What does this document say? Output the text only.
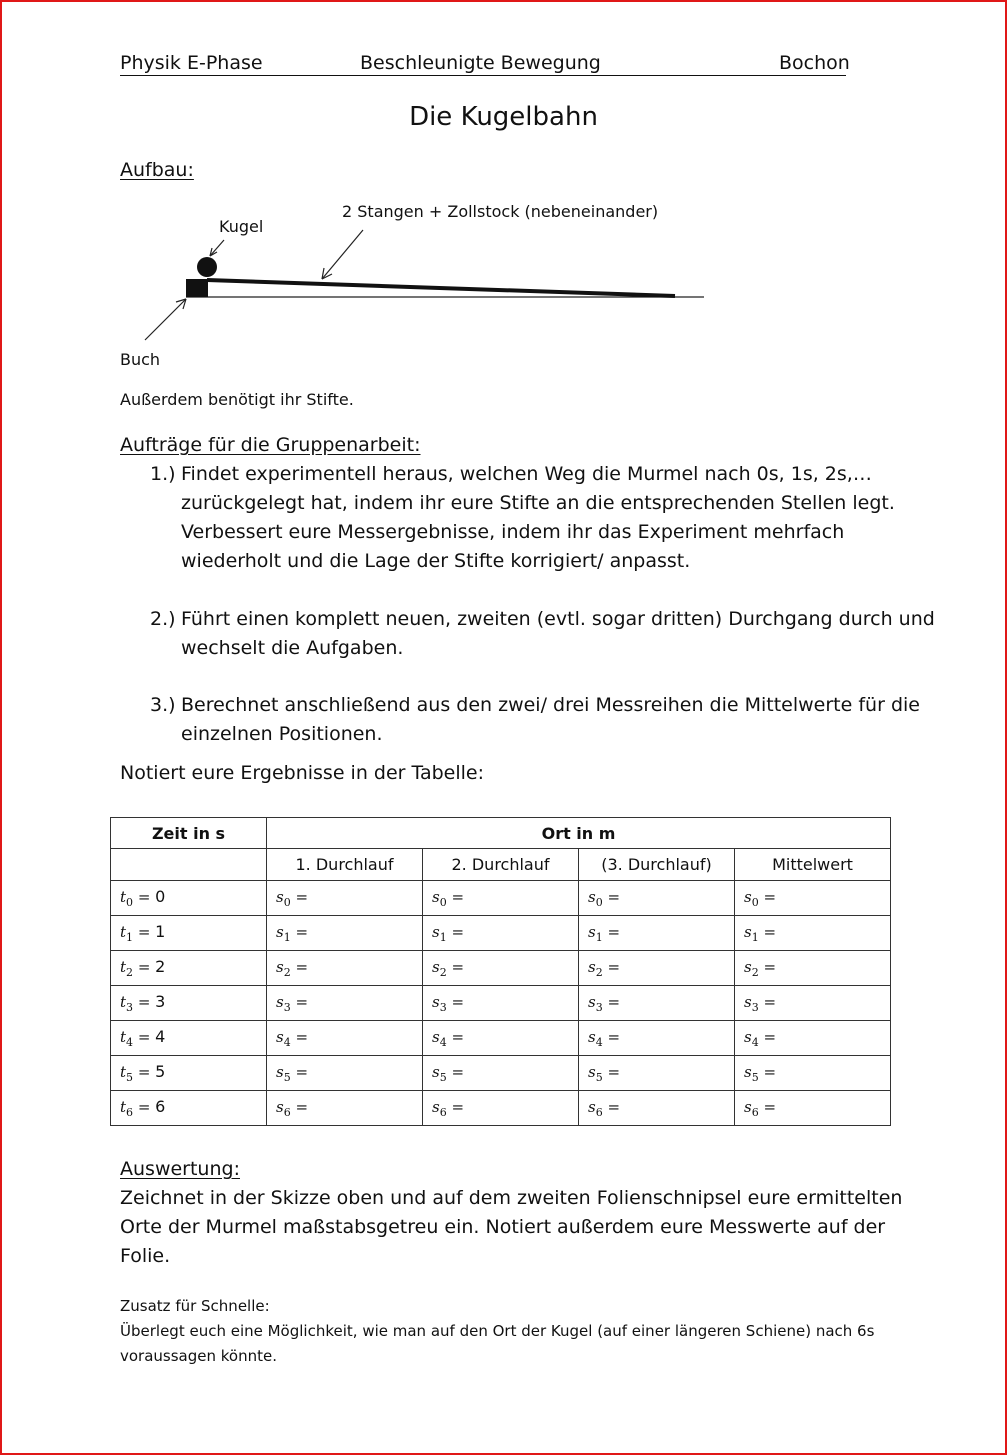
Physik E-Phase	Beschleunigte Bewegung	Bochon
Die Kugelbahn
Aufbau:
2 Stangen + Zollstock (nebeneinander)
Kugel
Buch
Außerdem benötigt ihr Stifte.
Aufträge für die Gruppenarbeit:
1.) Findet experimentell heraus, welchen Weg die Murmel nach 0s, 1s, 2s,… zurückgelegt hat, indem ihr eure Stifte an die entsprechenden Stellen legt. Verbessert eure Messergebnisse, indem ihr das Experiment mehrfach wiederholt und die Lage der Stifte korrigiert/ anpasst.
2.) Führt einen komplett neuen, zweiten (evtl. sogar dritten) Durchgang durch und wechselt die Aufgaben.
3.) Berechnet anschließend aus den zwei/ drei Messreihen die Mittelwerte für die einzelnen Positionen.
Notiert eure Ergebnisse in der Tabelle:
Zeit in s	Ort in m			
	1. Durchlauf	2. Durchlauf	(3. Durchlauf)	Mittelwert
$t_0 = 0$	$s_0$ =	$s_0$ =	$s_0$ =	$s_0$ =
$t_1 = 1$	$s_1$ =	$s_1$ =	$s_1$ =	$s_1$ =
$t_2 = 2$	$s_2$ =	$s_2$ =	$s_2$ =	$s_2$ =
$t_3 = 3$	$s_3$ =	$s_3$ =	$s_3$ =	$s_3$ =
$t_4 = 4$	$s_4$ =	$s_4$ =	$s_4$ =	$s_4$ =
$t_5 = 5$	$s_5$ =	$s_5$ =	$s_5$ =	$s_5$ =
$t_6 = 6$	$s_6$ =	$s_6$ =	$s_6$ =	$s_6$ =
Auswertung:
Zeichnet in der Skizze oben und auf dem zweiten Folienschnipsel eure ermittelten Orte der Murmel maßstabsgetreu ein. Notiert außerdem eure Messwerte auf der Folie.
Zusatz für Schnelle:
Überlegt euch eine Möglichkeit, wie man auf den Ort der Kugel (auf einer längeren Schiene) nach 6s voraussagen könnte.
